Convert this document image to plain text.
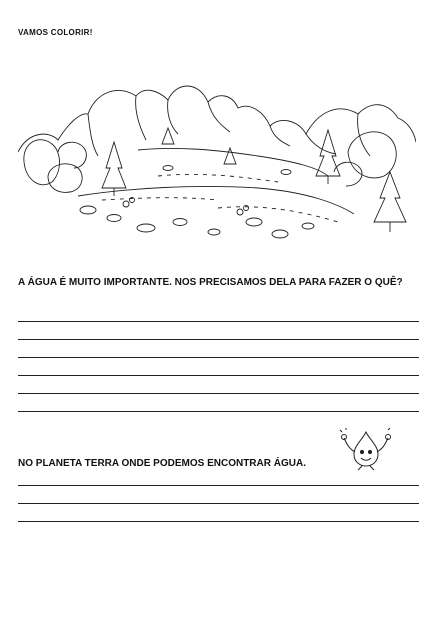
VAMOS COLORIR!
A ÁGUA É MUITO IMPORTANTE. NOS PRECISAMOS DELA PARA FAZER O QUÊ?
NO PLANETA TERRA ONDE PODEMOS ENCONTRAR ÁGUA.
